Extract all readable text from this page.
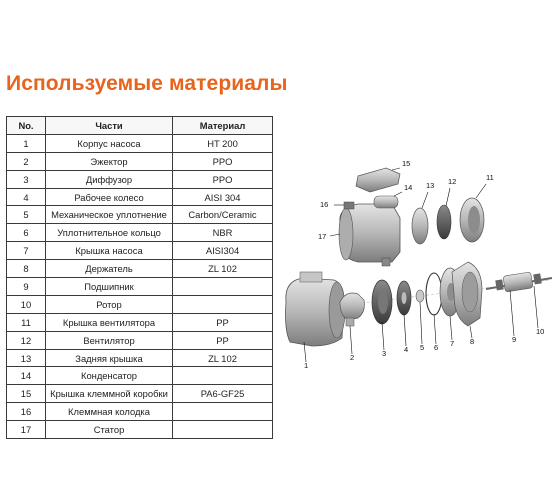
Используемые материалы
No.	Части	Материал
1	Корпус насоса	HT 200
2	Эжектор	PPO
3	Диффузор	PPO
4	Рабочее колесо	AISI 304
5	Механическое уплотнение	Carbon/Ceramic
6	Уплотнительное кольцо	NBR
7	Крышка насоса	AISI304
8	Держатель	ZL 102
9	Подшипник	
10	Ротор	
11	Крышка вентилятора	PP
12	Вентилятор	PP
13	Задняя крышка	ZL 102
14	Конденсатор	
15	Крышка клеммной коробки	PA6-GF25
16	Клеммная колодка	
17	Статор	
1
2	3 4 5 6 7 8	9
10
11
12
13
14
15
16
17
